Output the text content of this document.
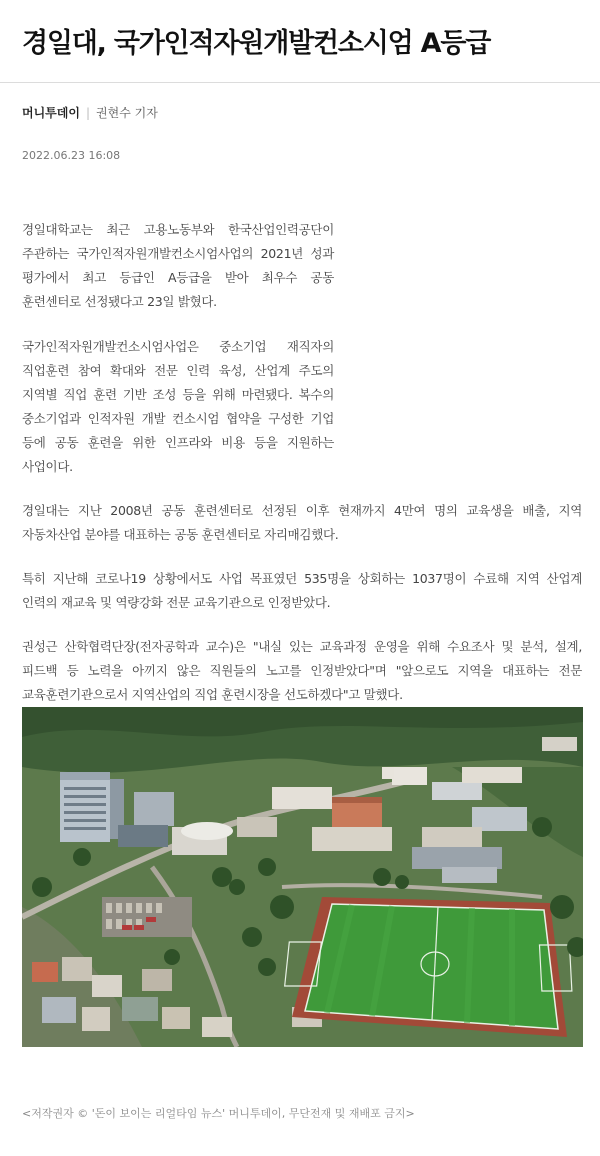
경일대, 국가인적자원개발컨소시엄 A등급
머니투데이 | 권현수 기자
2022.06.23 16:08

경일대학교는 최근 고용노동부와 한국산업인력공단이 주관하는 국가인적자원개발컨소시엄사업의 2021년 성과 평가에서 최고 등급인 A등급을 받아 최우수 공동 훈련센터로 선정됐다고 23일 밝혔다.

국가인적자원개발컨소시엄사업은 중소기업 재직자의 직업훈련 참여 확대와 전문 인력 육성, 산업계 주도의 지역별 직업 훈련 기반 조성 등을 위해 마련됐다. 복수의 중소기업과 인적자원 개발 컨소시엄 협약을 구성한 기업 등에 공동 훈련을 위한 인프라와 비용 등을 지원하는 사업이다.

경일대는 지난 2008년 공동 훈련센터로 선정된 이후 현재까지 4만여 명의 교육생을 배출, 지역 자동차산업 분야를 대표하는 공동 훈련센터로 자리매김했다.

특히 지난해 코로나19 상황에서도 사업 목표였던 535명을 상회하는 1037명이 수료해 지역 산업계 인력의 재교육 및 역량강화 전문 교육기관으로 인정받았다.

권성근 산학협력단장(전자공학과 교수)은 "내실 있는 교육과정 운영을 위해 수요조사 및 분석, 설계, 피드백 등 노력을 아끼지 않은 직원들의 노고를 인정받았다"며 "앞으로도 지역을 대표하는 전문 교육훈련기관으로서 지역산업의 직업 훈련시장을 선도하겠다"고 말했다.

<저작권자 © '돈이 보이는 리얼타임 뉴스' 머니투데이, 무단전재 및 재배포 금지>
